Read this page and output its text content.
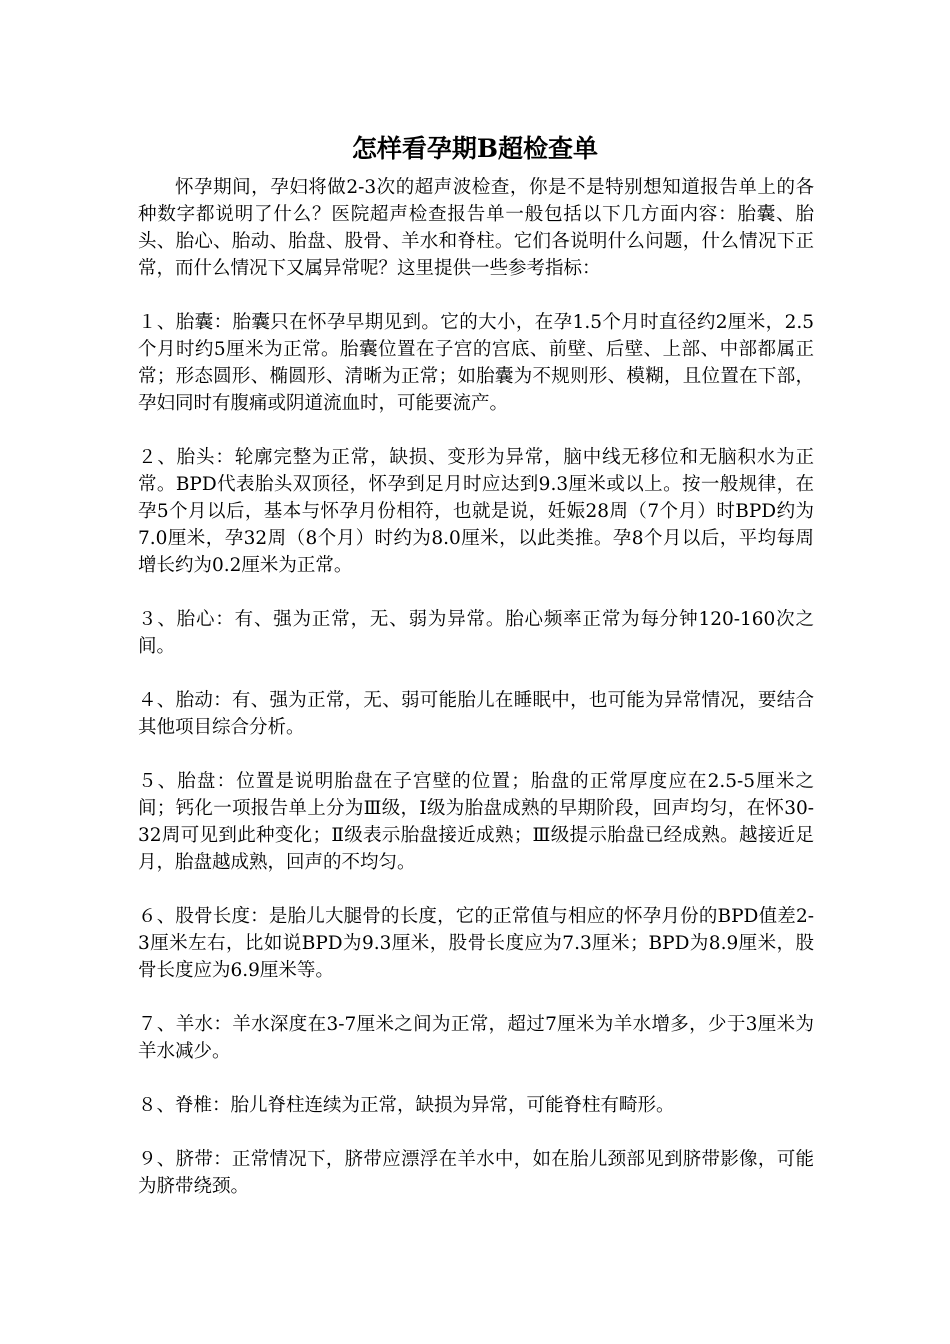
怎样看孕期B超检查单

怀孕期间，孕妇将做2-3次的超声波检查，你是不是特别想知道报告单上的各种数字都说明了什么？医院超声检查报告单一般包括以下几方面内容：胎囊、胎头、胎心、胎动、胎盘、股骨、羊水和脊柱。它们各说明什么问题，什么情况下正常，而什么情况下又属异常呢？这里提供一些参考指标：

１、胎囊：胎囊只在怀孕早期见到。它的大小，在孕1.5个月时直径约2厘米，2.5个月时约5厘米为正常。胎囊位置在子宫的宫底、前壁、后壁、上部、中部都属正常；形态圆形、椭圆形、清晰为正常；如胎囊为不规则形、模糊，且位置在下部，孕妇同时有腹痛或阴道流血时，可能要流产。

２、胎头：轮廓完整为正常，缺损、变形为异常，脑中线无移位和无脑积水为正常。BPD代表胎头双顶径，怀孕到足月时应达到9.3厘米或以上。按一般规律，在孕5个月以后，基本与怀孕月份相符，也就是说，妊娠28周（7个月）时BPD约为7.0厘米，孕32周（8个月）时约为8.0厘米，以此类推。孕8个月以后，平均每周增长约为0.2厘米为正常。

３、胎心：有、强为正常，无、弱为异常。胎心频率正常为每分钟120-160次之间。

４、胎动：有、强为正常，无、弱可能胎儿在睡眠中，也可能为异常情况，要结合其他项目综合分析。

５、胎盘：位置是说明胎盘在子宫壁的位置；胎盘的正常厚度应在2.5-5厘米之间；钙化一项报告单上分为Ⅲ级，Ⅰ级为胎盘成熟的早期阶段，回声均匀，在怀30-32周可见到此种变化；Ⅱ级表示胎盘接近成熟；Ⅲ级提示胎盘已经成熟。越接近足月，胎盘越成熟，回声的不均匀。

６、股骨长度：是胎儿大腿骨的长度，它的正常值与相应的怀孕月份的BPD值差2-3厘米左右，比如说BPD为9.3厘米，股骨长度应为7.3厘米；BPD为8.9厘米，股骨长度应为6.9厘米等。

７、羊水：羊水深度在3-7厘米之间为正常，超过7厘米为羊水增多，少于3厘米为羊水减少。

８、脊椎：胎儿脊柱连续为正常，缺损为异常，可能脊柱有畸形。

９、脐带：正常情况下，脐带应漂浮在羊水中，如在胎儿颈部见到脐带影像，可能为脐带绕颈。
